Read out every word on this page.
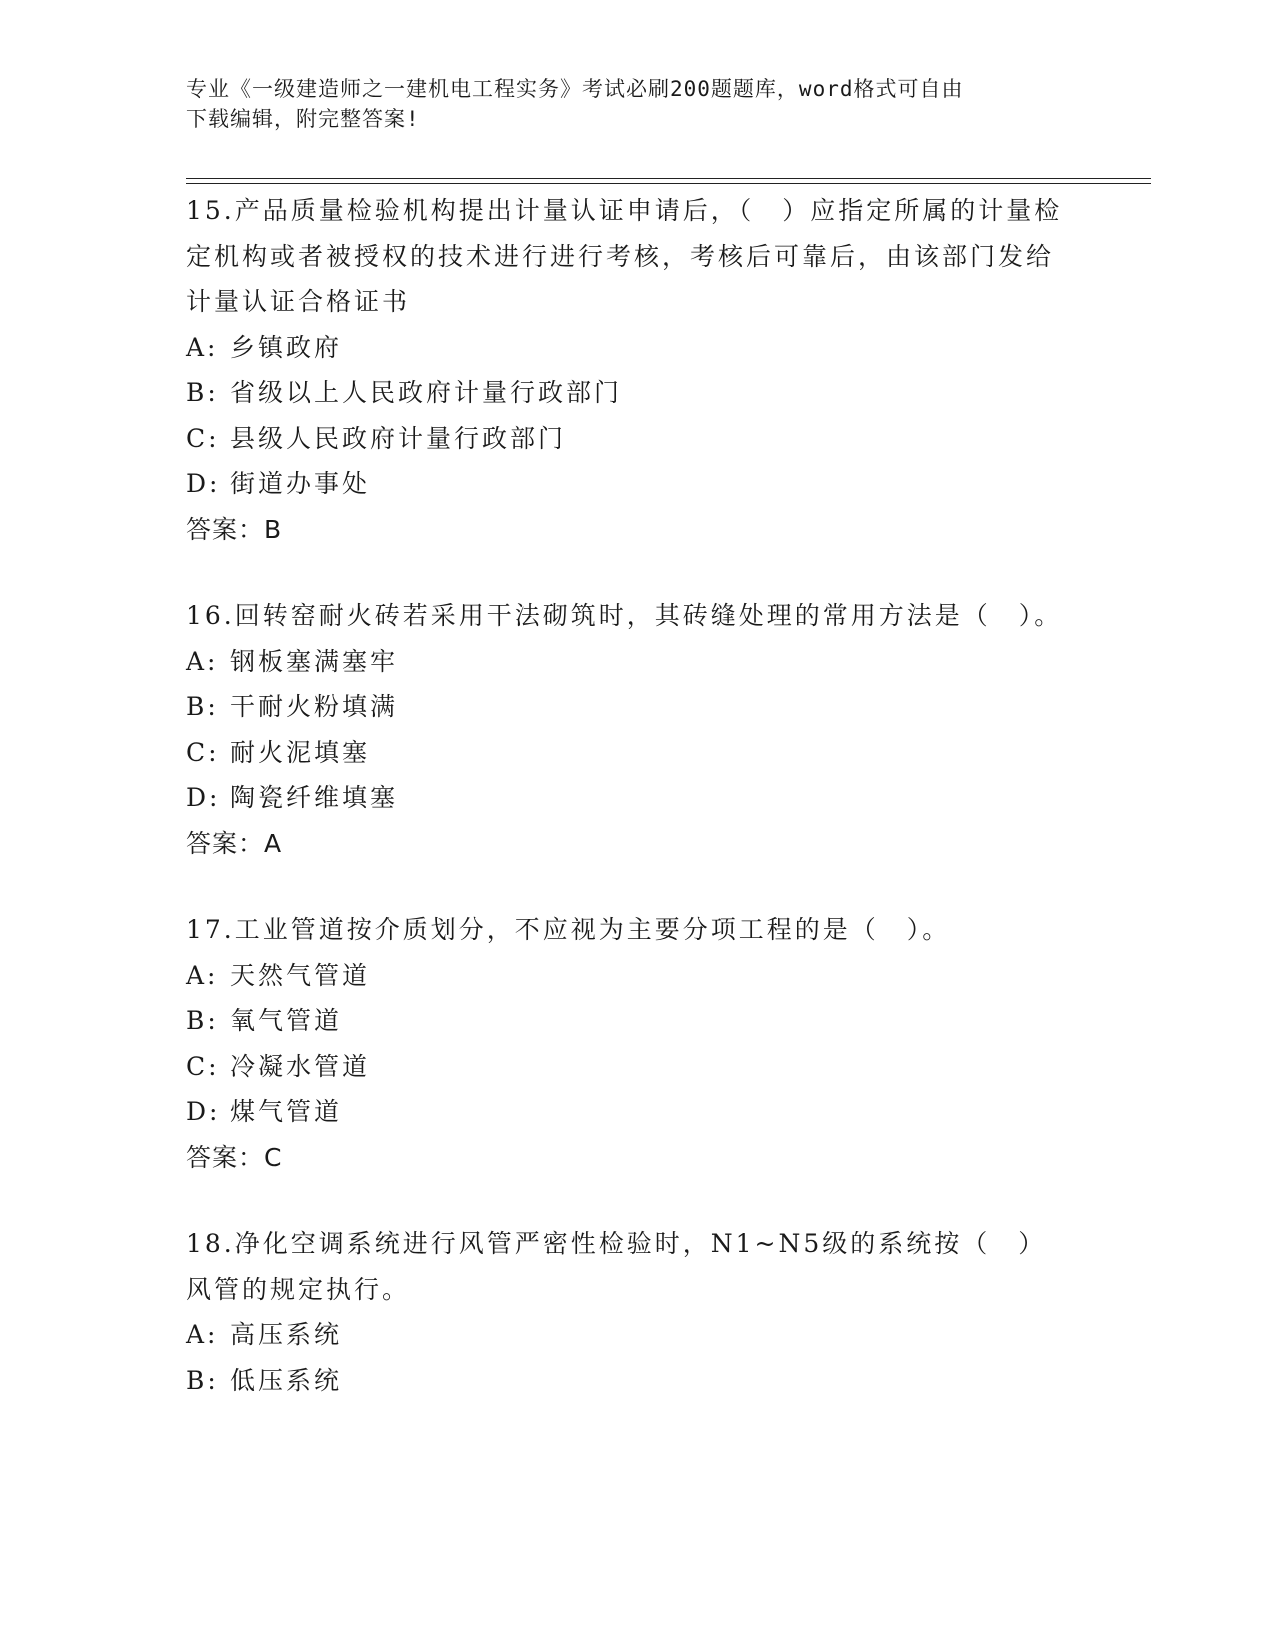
专业《一级建造师之一建机电工程实务》考试必刷200题题库，word格式可自由
下载编辑，附完整答案!
15.产品质量检验机构提出计量认证申请后，（　）应指定所属的计量检定机构或者被授权的技术进行进行考核，考核后可靠后，由该部门发给计量认证合格证书
A: 乡镇政府
B: 省级以上人民政府计量行政部门
C: 县级人民政府计量行政部门
D: 街道办事处
答案：B
16.回转窑耐火砖若采用干法砌筑时，其砖缝处理的常用方法是（　）。
A: 钢板塞满塞牢
B: 干耐火粉填满
C: 耐火泥填塞
D: 陶瓷纤维填塞
答案：A
17.工业管道按介质划分，不应视为主要分项工程的是（　）。
A: 天然气管道
B: 氧气管道
C: 冷凝水管道
D: 煤气管道
答案：C
18.净化空调系统进行风管严密性检验时，N1~N5级的系统按（　）风管的规定执行。
A: 高压系统
B: 低压系统
